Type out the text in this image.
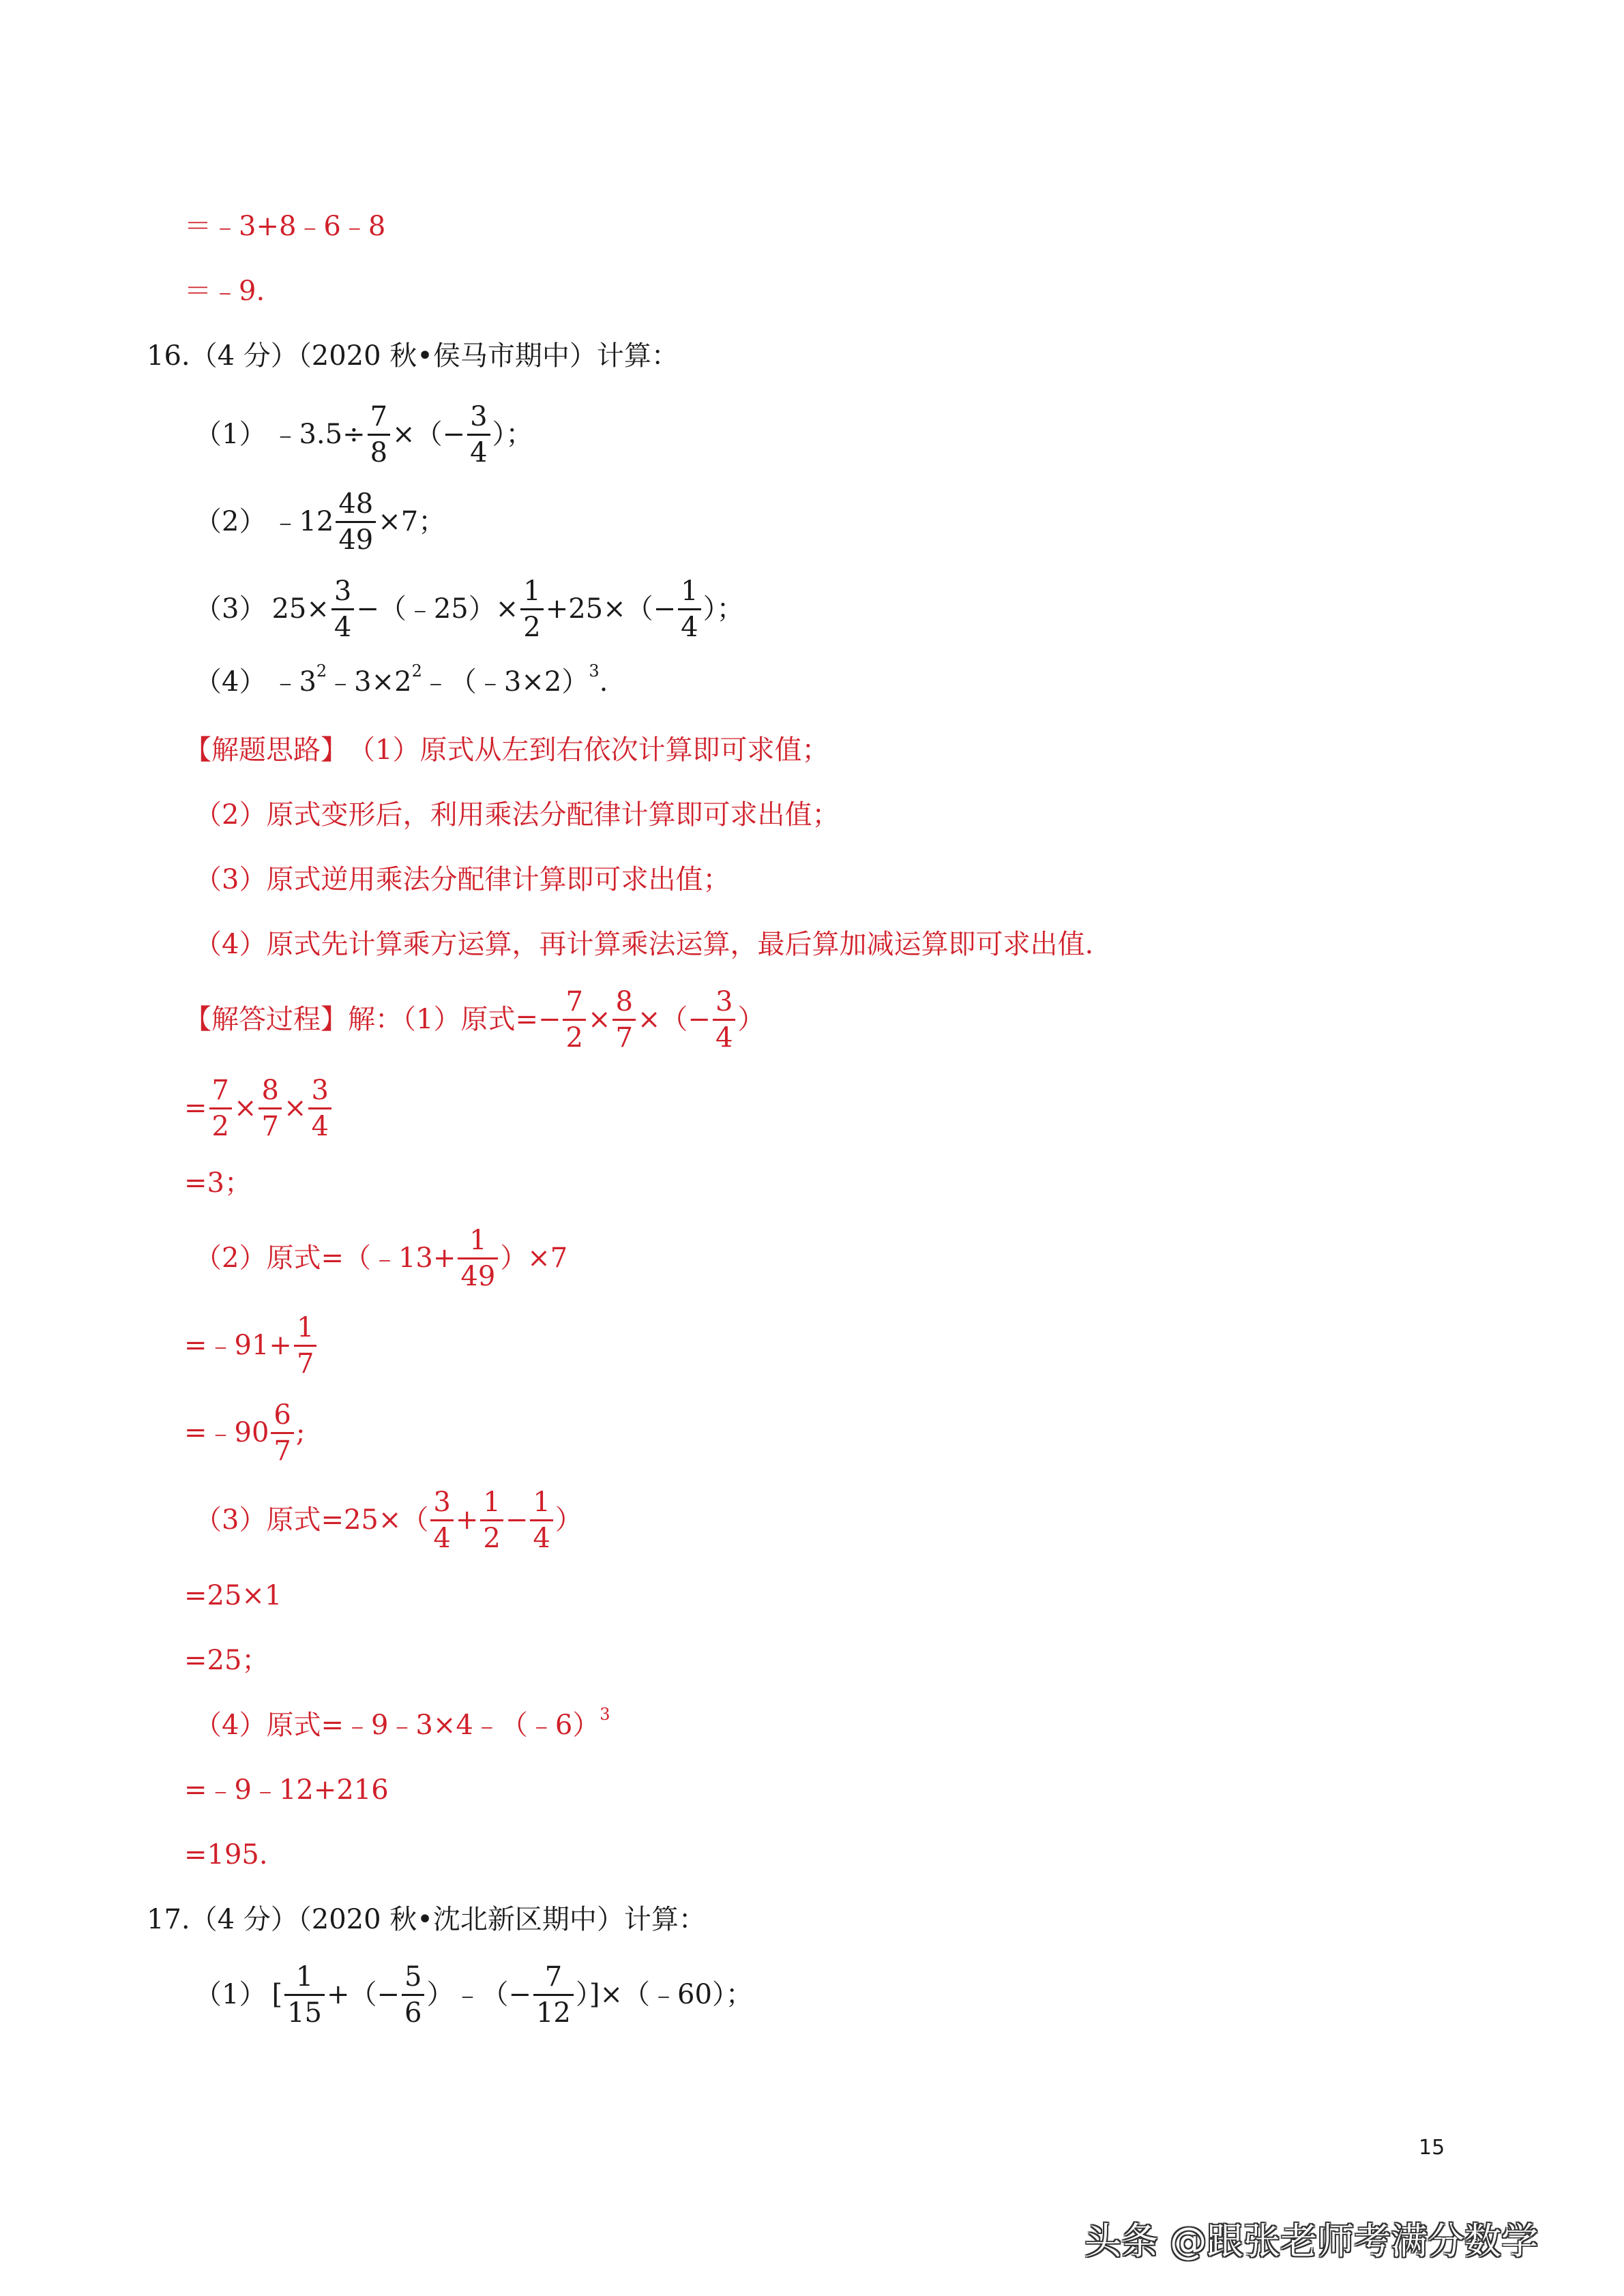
＝﹣3+8﹣6﹣8
＝﹣9.
16.（4 分）（2020 秋•侯马市期中）计算：
（1） ﹣3.5÷ $\frac{7}{8}$ ×（− $\frac{3}{4}$ ）；
（2） ﹣12 $\frac{48}{49} \times 7$；
（3） $25\times \frac{3}{4}$ −（﹣25）× $\frac{1}{2} +25\times(- \frac{1}{4}$ ）；
（4） ﹣3 2 ﹣3×2 2 ﹣（﹣3×2） 3 .
【解题思路】 （1）原式从左到右依次计算即可求值；
（2）原式变形后，利用乘法分配律计算即可求出值；
（3）原式逆用乘法分配律计算即可求出值；
（4）原式先计算乘方运算，再计算乘法运算，最后算加减运算即可求出值.
【解答过程】 解：（1）原式=− $\frac{7}{2} \times \frac{8}{7}$ ×（− $\frac{3}{4}$ ）
= $\frac{7}{2} \times \frac{8}{7} \times \frac{3}{4}$
=3；
（2）原式=（﹣13+ $\frac{1}{49} )\times 7$
=﹣91+ $\frac{1}{7}$
=﹣90 $\frac{6}{7}$ ;
（3）原式$=25\times( \frac{3}{4} + \frac{1}{2} - \frac{1}{4}$ ）
=25×1
=25；
（4）原式=﹣9﹣3×4﹣（﹣6） 3
=﹣9﹣12+216
=195.
17.（4 分）（2020 秋•沈北新区期中）计算：
（1） [ $\frac{1}{15}$ +（− $\frac{5}{6}$ ）﹣（− $\frac{7}{12}$ ）]×（﹣60）；
15
头条 @跟张老师考满分数学
